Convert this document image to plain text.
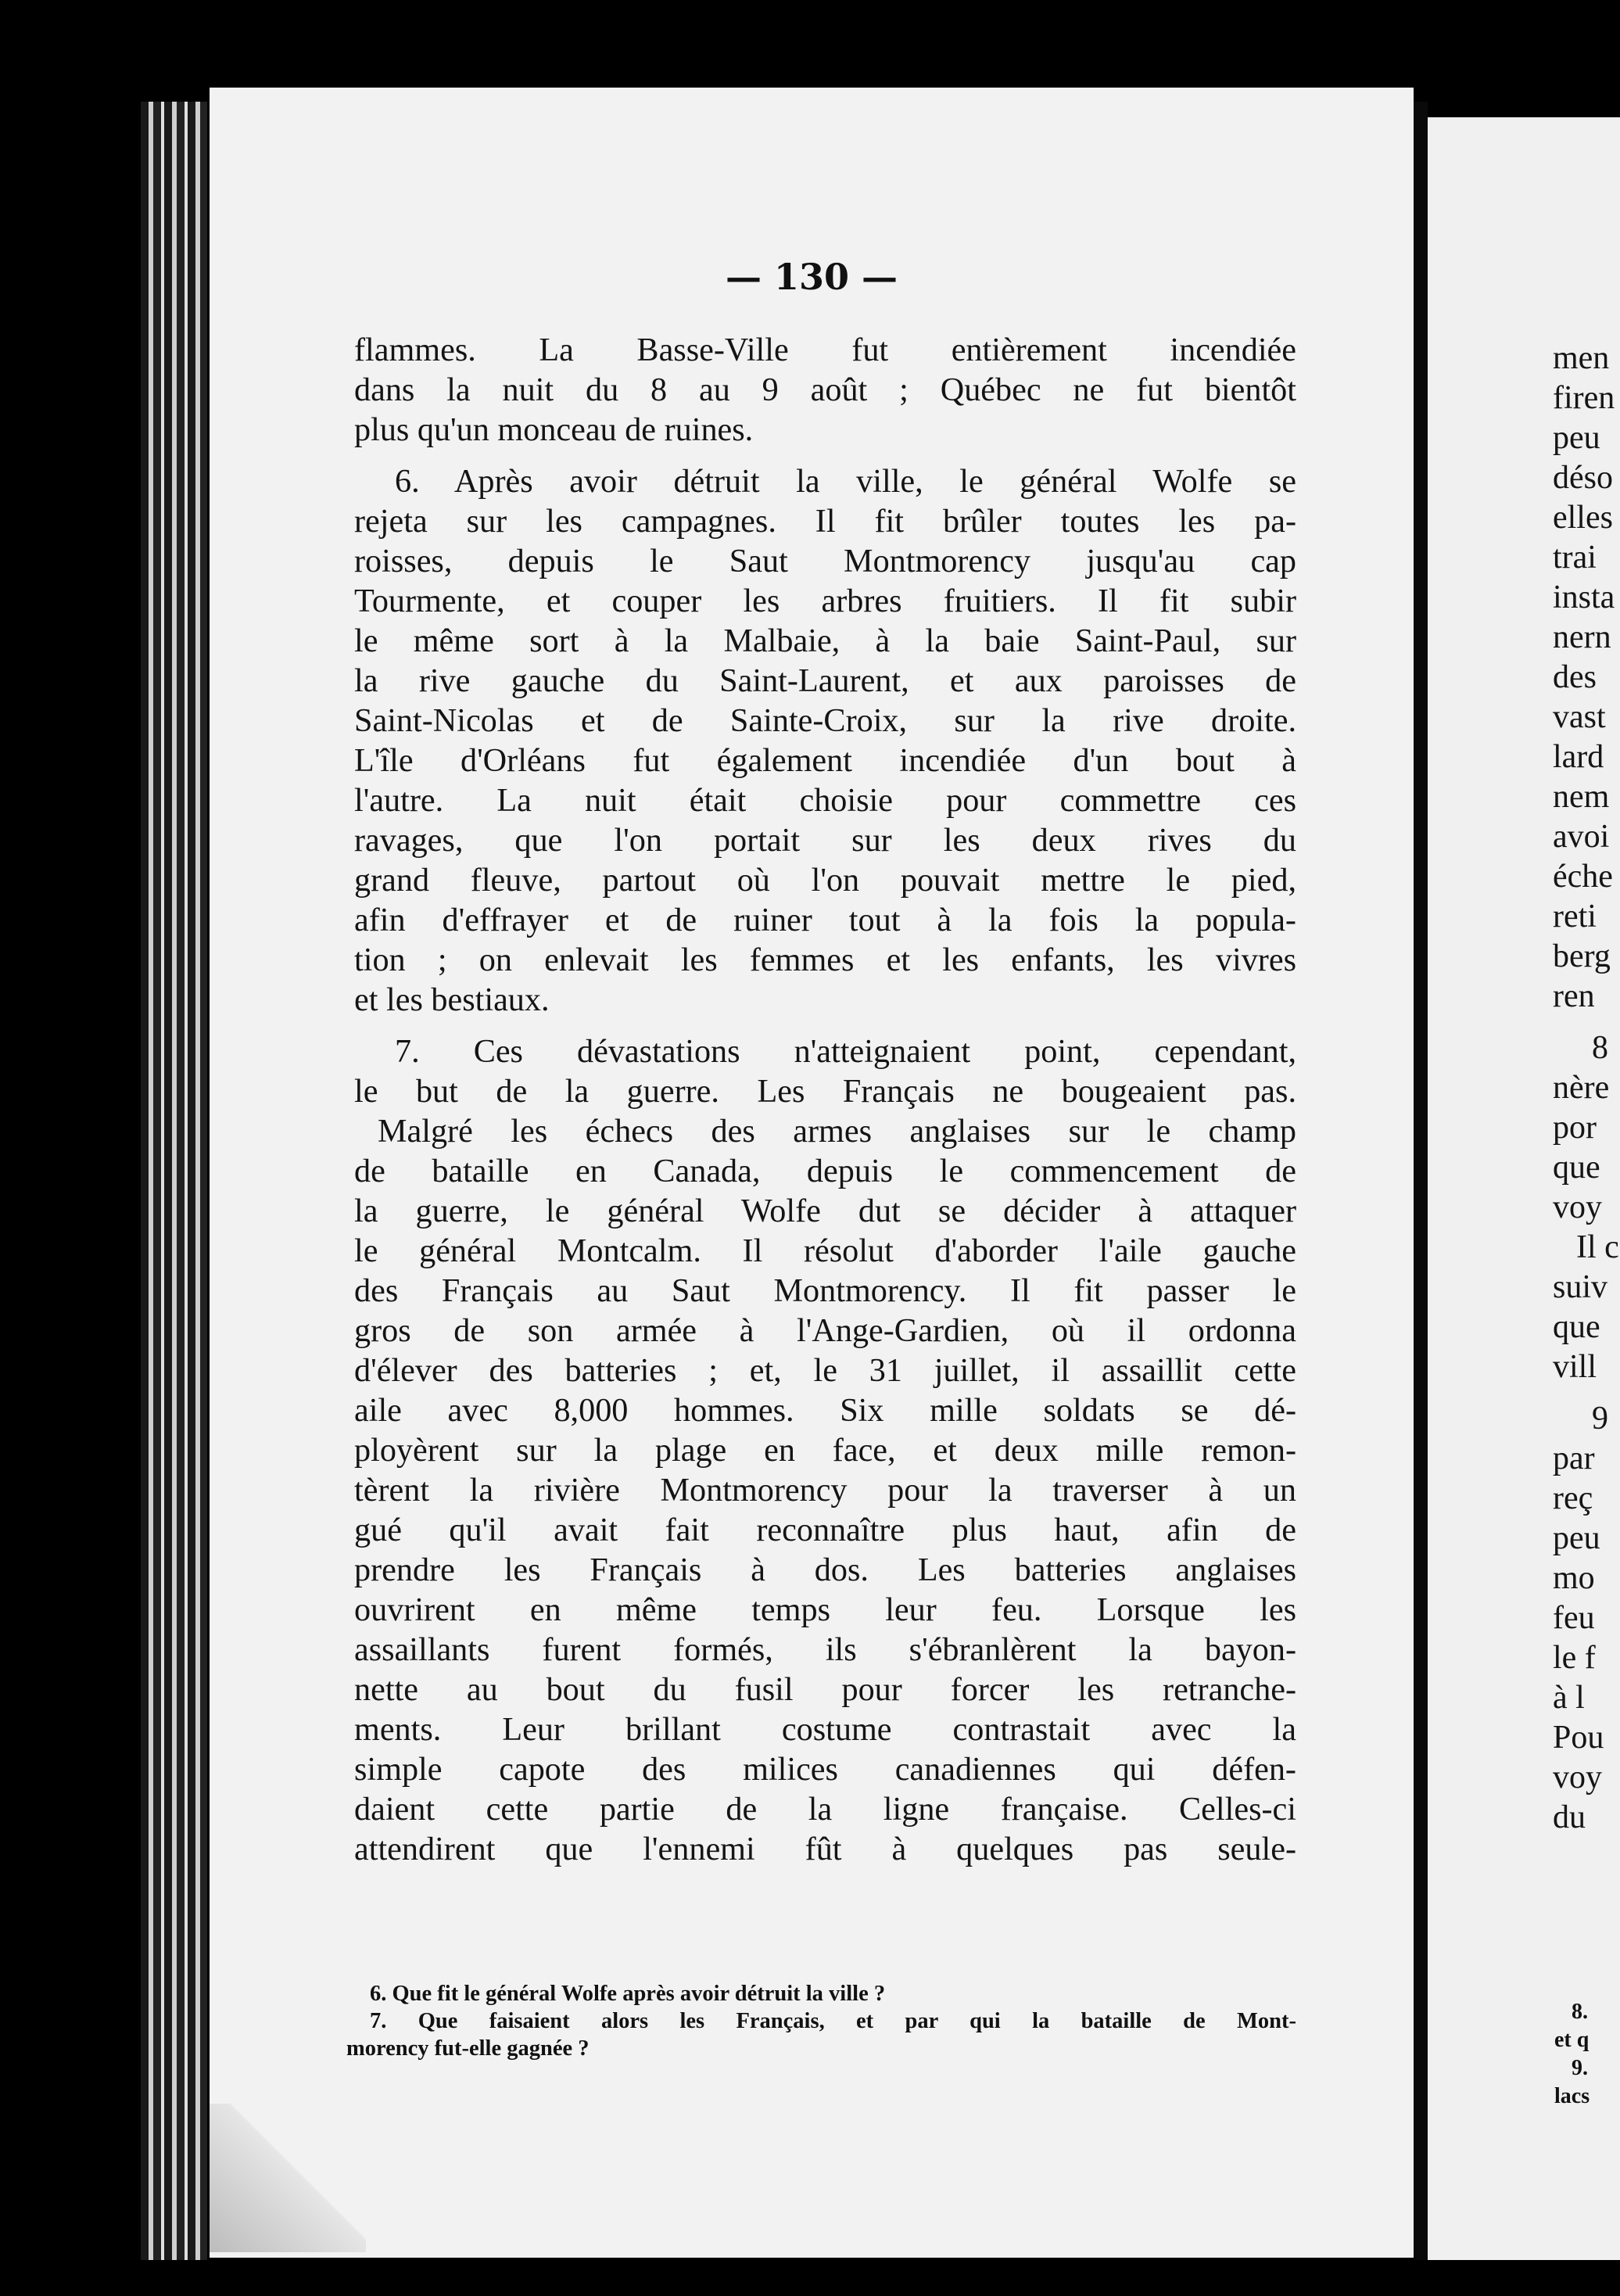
— 130 —
flammes. La Basse-Ville fut entièrement incendiée
dans la nuit du 8 au 9 août ; Québec ne fut bientôt
plus qu'un monceau de ruines.
6. Après avoir détruit la ville, le général Wolfe se
rejeta sur les campagnes. Il fit brûler toutes les pa-
roisses, depuis le Saut Montmorency jusqu'au cap
Tourmente, et couper les arbres fruitiers. Il fit subir
le même sort à la Malbaie, à la baie Saint-Paul, sur
la rive gauche du Saint-Laurent, et aux paroisses de
Saint-Nicolas et de Sainte-Croix, sur la rive droite.
L'île d'Orléans fut également incendiée d'un bout à
l'autre. La nuit était choisie pour commettre ces
ravages, que l'on portait sur les deux rives du
grand fleuve, partout où l'on pouvait mettre le pied,
afin d'effrayer et de ruiner tout à la fois la popula-
tion ; on enlevait les femmes et les enfants, les vivres
et les bestiaux.
7. Ces dévastations n'atteignaient point, cependant,
le but de la guerre. Les Français ne bougeaient pas.
Malgré les échecs des armes anglaises sur le champ
de bataille en Canada, depuis le commencement de
la guerre, le général Wolfe dut se décider à attaquer
le général Montcalm. Il résolut d'aborder l'aile gauche
des Français au Saut Montmorency. Il fit passer le
gros de son armée à l'Ange-Gardien, où il ordonna
d'élever des batteries ; et, le 31 juillet, il assaillit cette
aile avec 8,000 hommes. Six mille soldats se dé-
ployèrent sur la plage en face, et deux mille remon-
tèrent la rivière Montmorency pour la traverser à un
gué qu'il avait fait reconnaître plus haut, afin de
prendre les Français à dos. Les batteries anglaises
ouvrirent en même temps leur feu. Lorsque les
assaillants furent formés, ils s'ébranlèrent la bayon-
nette au bout du fusil pour forcer les retranche-
ments. Leur brillant costume contrastait avec la
simple capote des milices canadiennes qui défen-
daient cette partie de la ligne française. Celles-ci
attendirent que l'ennemi fût à quelques pas seule-
6. Que fit le général Wolfe après avoir détruit la ville ?
7. Que faisaient alors les Français, et par qui la bataille de Mont-
morency fut-elle gagnée ?
men
firen
peu
déso
elles
trai
insta
nern
des
vast
lard
nem
avoi
éche
reti
berg
ren
8
nère
por
que
voy
Il c
suiv
que
vill
9
par
reç
peu
mo
feu
le f
à l
Pou
voy
du
8.
et q
9.
lacs
